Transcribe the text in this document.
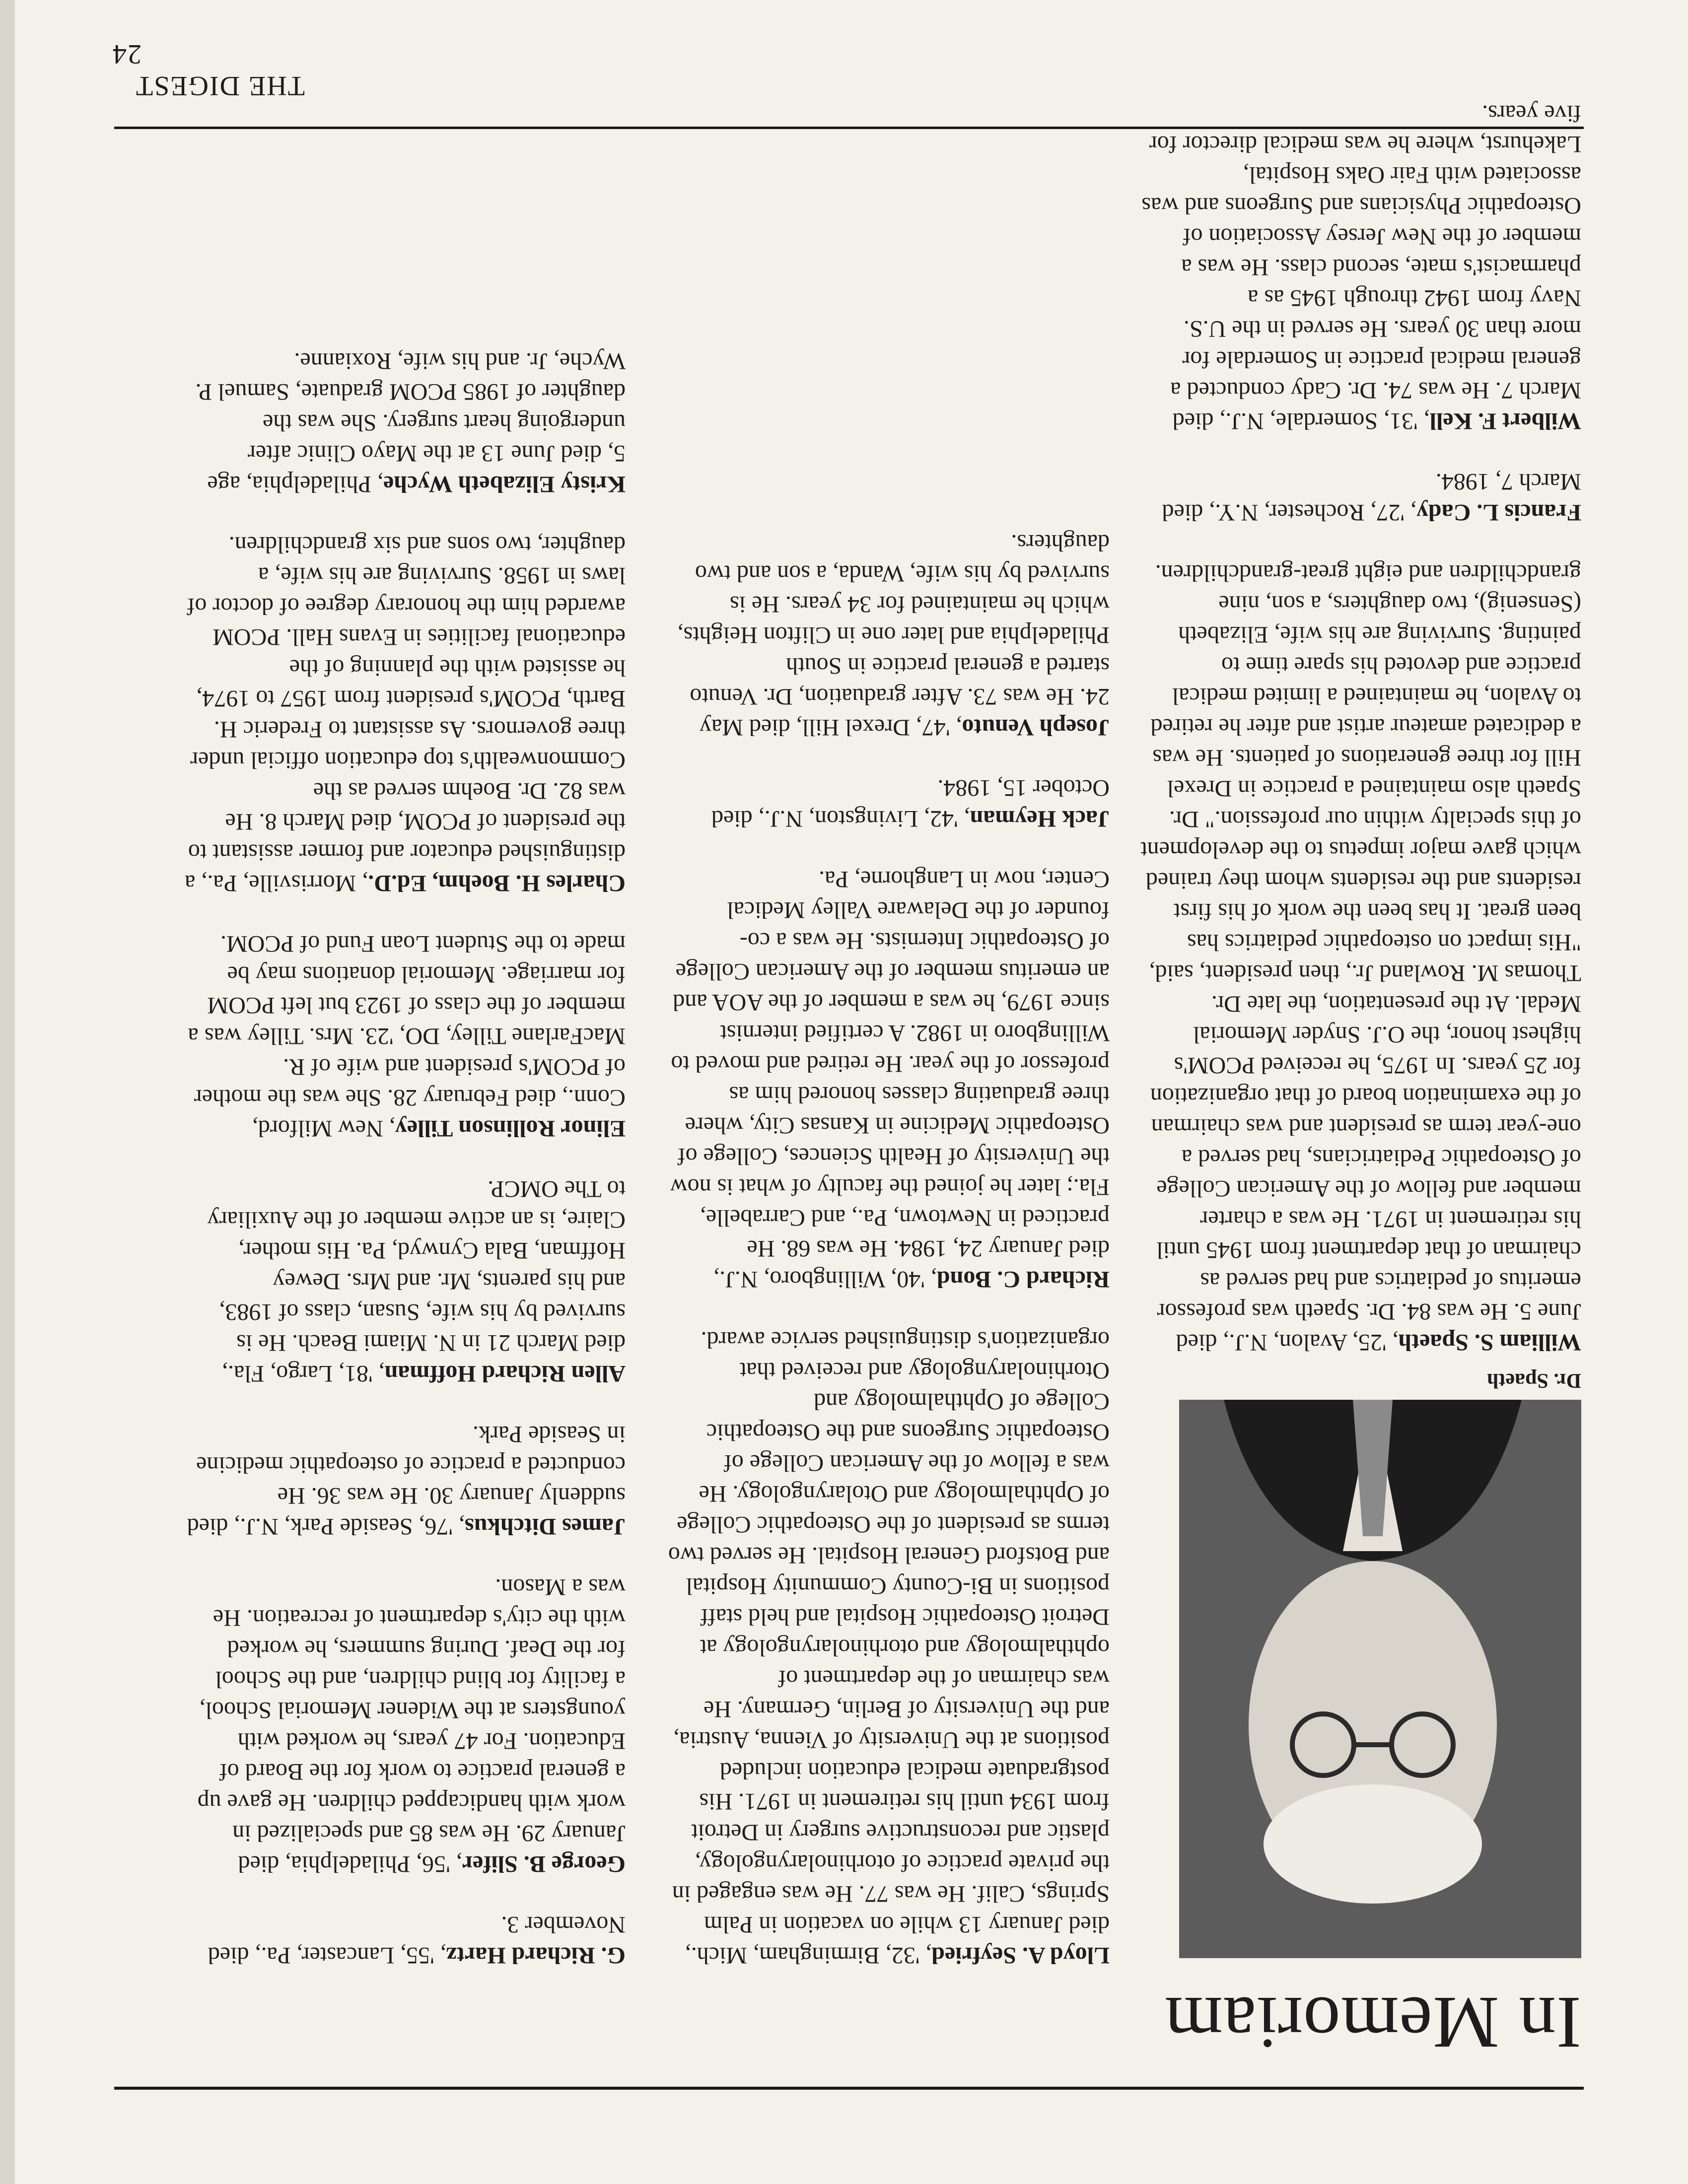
In Memoriam
Dr. Spaeth

William S. Spaeth, '25, Avalon, N.J., died June 5. He was 84. Dr. Spaeth was professor emeritus of pediatrics and had served as chairman of that department from 1945 until his retirement in 1971. He was a charter member and fellow of the American College of Osteopathic Pediatricians, had served a one-year term as president and was chairman of the examination board of that organization for 25 years. In 1975, he received PCOM's highest honor, the O.J. Snyder Memorial Medal. At the presentation, the late Dr. Thomas M. Rowland Jr., then president, said, "His impact on osteopathic pediatrics has been great. It has been the work of his first residents and the residents whom they trained which gave major impetus to the development of this specialty within our profession." Dr. Spaeth also maintained a practice in Drexel Hill for three generations of patients. He was a dedicated amateur artist and after he retired to Avalon, he maintained a limited medical practice and devoted his spare time to painting. Surviving are his wife, Elizabeth (Sensenig), two daughters, a son, nine grandchildren and eight great-grandchildren.

Francis L. Cady, '27, Rochester, N.Y., died March 7, 1984.

Wilbert F. Kell, '31, Somerdale, N.J., died March 7. He was 74. Dr. Cady conducted a general medical practice in Somerdale for more than 30 years. He served in the U.S. Navy from 1942 through 1945 as a pharmacist's mate, second class. He was a member of the New Jersey Association of Osteopathic Physicians and Surgeons and was associated with Fair Oaks Hospital, Lakehurst, where he was medical director for five years.

Lloyd A. Seyfried, '32, Birmingham, Mich., died January 13 while on vacation in Palm Springs, Calif. He was 77. He was engaged in the private practice of otorhinolaryngology, plastic and reconstructive surgery in Detroit from 1934 until his retirement in 1971. His postgraduate medical education included positions at the University of Vienna, Austria, and the University of Berlin, Germany. He was chairman of the department of ophthalmology and otorhinolaryngology at Detroit Osteopathic Hospital and held staff positions in Bi-County Community Hospital and Botsford General Hospital. He served two terms as president of the Osteopathic College of Ophthalmology and Otolaryngology. He was a fellow of the American College of Osteopathic Surgeons and the Osteopathic College of Ophthalmology and Otorhinolaryngology and received that organization's distinguished service award.

Richard C. Bond, '40, Willingboro, N.J., died January 24, 1984. He was 68. He practiced in Newtown, Pa., and Carrabelle, Fla.; later he joined the faculty of what is now the University of Health Sciences, College of Osteopathic Medicine in Kansas City, where three graduating classes honored him as professor of the year. He retired and moved to Willingboro in 1982. A certified internist since 1979, he was a member of the AOA and an emeritus member of the American College of Osteopathic Internists. He was a co-founder of the Delaware Valley Medical Center, now in Langhorne, Pa.

Jack Heyman, '42, Livingston, N.J., died October 15, 1984.

Joseph Venuto, '47, Drexel Hill, died May 24. He was 73. After graduation, Dr. Venuto started a general practice in South Philadelphia and later one in Clifton Heights, which he maintained for 34 years. He is survived by his wife, Wanda, a son and two daughters.

G. Richard Hartz, '55, Lancaster, Pa., died November 3.

George B. Slifer, '56, Philadelphia, died January 29. He was 85 and specialized in work with handicapped children. He gave up a general practice to work for the Board of Education. For 47 years, he worked with youngsters at the Widener Memorial School, a facility for blind children, and the School for the Deaf. During summers, he worked with the city's department of recreation. He was a Mason.

James Ditchkus, '76, Seaside Park, N.J., died suddenly January 30. He was 36. He conducted a practice of osteopathic medicine in Seaside Park.

Allen Richard Hoffman, '81, Largo, Fla., died March 21 in N. Miami Beach. He is survived by his wife, Susan, class of 1983, and his parents, Mr. and Mrs. Dewey Hoffman, Bala Cynwyd, Pa. His mother, Claire, is an active member of the Auxiliary to The OMCP.

Elinor Rollinson Tilley, New Milford, Conn., died February 28. She was the mother of PCOM's president and wife of R. MacFarlane Tilley, DO, '23. Mrs. Tilley was a member of the class of 1923 but left PCOM for marriage. Memorial donations may be made to the Student Loan Fund of PCOM.

Charles H. Boehm, Ed.D., Morrisville, Pa., a distinguished educator and former assistant to the president of PCOM, died March 8. He was 82. Dr. Boehm served as the Commonwealth's top education official under three governors. As assistant to Frederic H. Barth, PCOM's president from 1957 to 1974, he assisted with the planning of the educational facilities in Evans Hall. PCOM awarded him the honorary degree of doctor of laws in 1958. Surviving are his wife, a daughter, two sons and six grandchildren.

Kristy Elizabeth Wyche, Philadelphia, age 5, died June 13 at the Mayo Clinic after undergoing heart surgery. She was the daughter of 1985 PCOM graduate, Samuel P. Wyche, Jr. and his wife, Roxianne.

THE DIGEST    24
